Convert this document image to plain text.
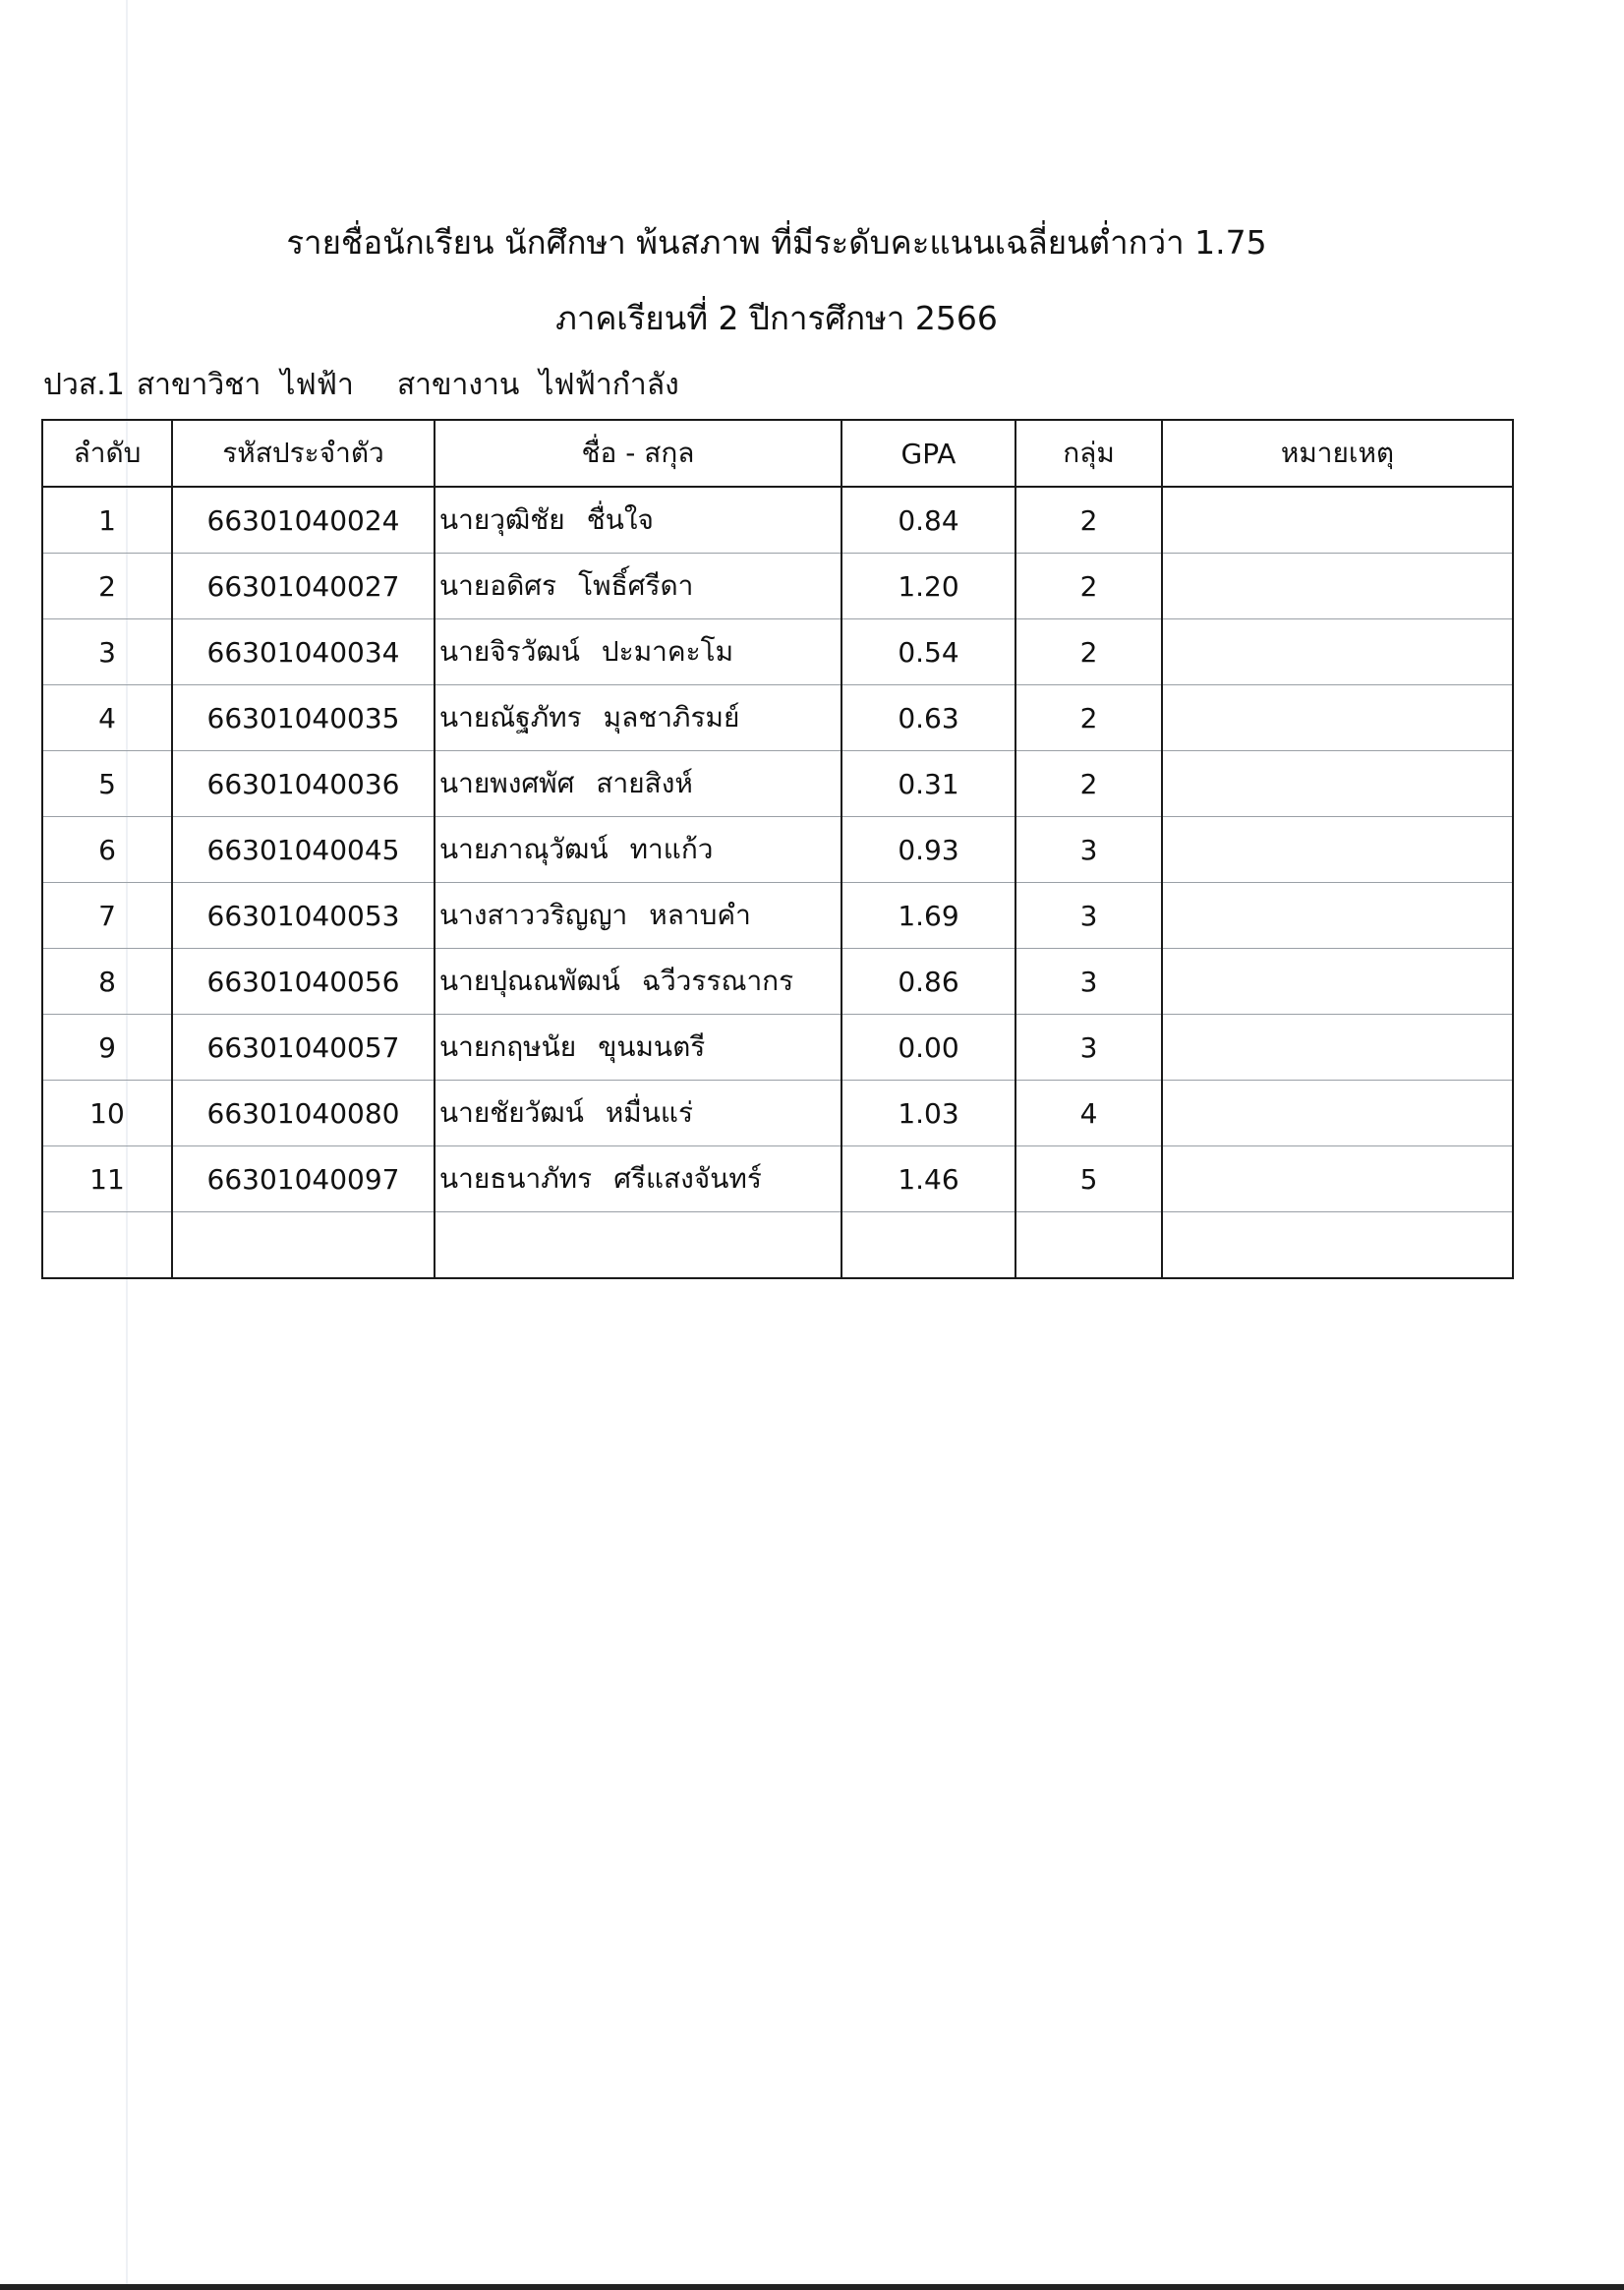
รายชื่อนักเรียน นักศึกษา พ้นสภาพ ที่มีระดับคะแนนเฉลี่ยนต่ำกว่า 1.75
ภาคเรียนที่ 2 ปีการศึกษา 2566
ปวส.1 สาขาวิชา ไฟฟ้า สาขางาน ไฟฟ้ากำลัง
ลำดับ	รหัสประจำตัว	ชื่อ - สกุล	GPA	กลุ่ม	หมายเหตุ
1	66301040024	นายวุฒิชัย ชื่นใจ	0.84	2	
2	66301040027	นายอดิศร โพธิ์ศรีดา	1.20	2	
3	66301040034	นายจิรวัฒน์ ปะมาคะโม	0.54	2	
4	66301040035	นายณัฐภัทร มุลชาภิรมย์	0.63	2	
5	66301040036	นายพงศพัศ สายสิงห์	0.31	2	
6	66301040045	นายภาณุวัฒน์ ทาแก้ว	0.93	3	
7	66301040053	นางสาววริญญา หลาบคำ	1.69	3	
8	66301040056	นายปุณณพัฒน์ ฉวีวรรณากร	0.86	3	
9	66301040057	นายกฤษนัย ขุนมนตรี	0.00	3	
10	66301040080	นายชัยวัฒน์ หมื่นแร่	1.03	4	
11	66301040097	นายธนาภัทร ศรีแสงจันทร์	1.46	5	
